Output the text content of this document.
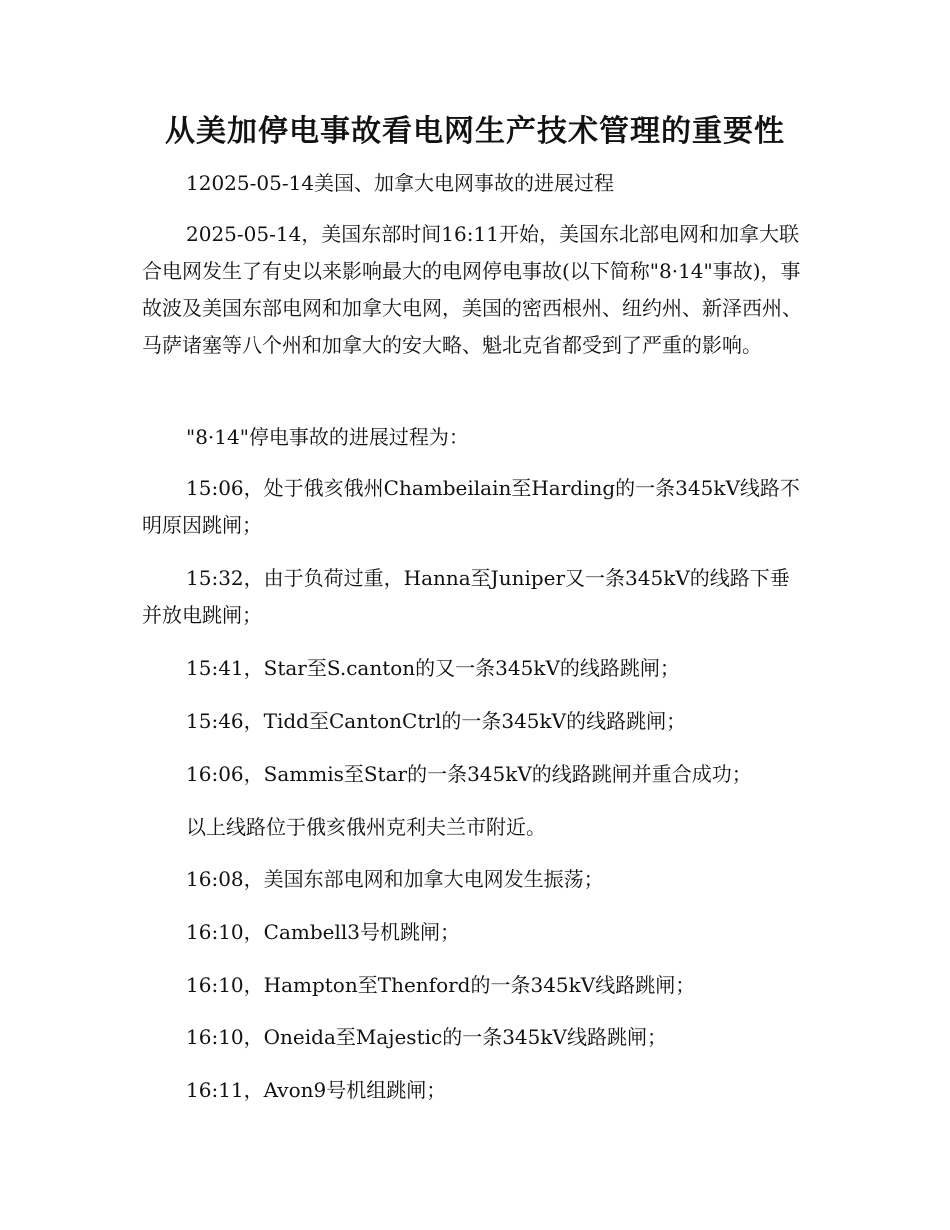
从美加停电事故看电网生产技术管理的重要性

12025-05-14美国、加拿大电网事故的进展过程

2025-05-14，美国东部时间16:11开始，美国东北部电网和加拿大联合电网发生了有史以来影响最大的电网停电事故(以下简称"8·14"事故)，事故波及美国东部电网和加拿大电网，美国的密西根州、纽约州、新泽西州、马萨诸塞等八个州和加拿大的安大略、魁北克省都受到了严重的影响。

"8·14"停电事故的进展过程为：

15:06，处于俄亥俄州Chambeilain至Harding的一条345kV线路不明原因跳闸；

15:32，由于负荷过重，Hanna至Juniper又一条345kV的线路下垂并放电跳闸；

15:41，Star至S.canton的又一条345kV的线路跳闸；

15:46，Tidd至CantonCtrl的一条345kV的线路跳闸；

16:06，Sammis至Star的一条345kV的线路跳闸并重合成功；

以上线路位于俄亥俄州克利夫兰市附近。

16:08，美国东部电网和加拿大电网发生振荡；

16:10，Cambell3号机跳闸；

16:10，Hampton至Thenford的一条345kV线路跳闸；

16:10，Oneida至Majestic的一条345kV线路跳闸；

16:11，Avon9号机组跳闸；
